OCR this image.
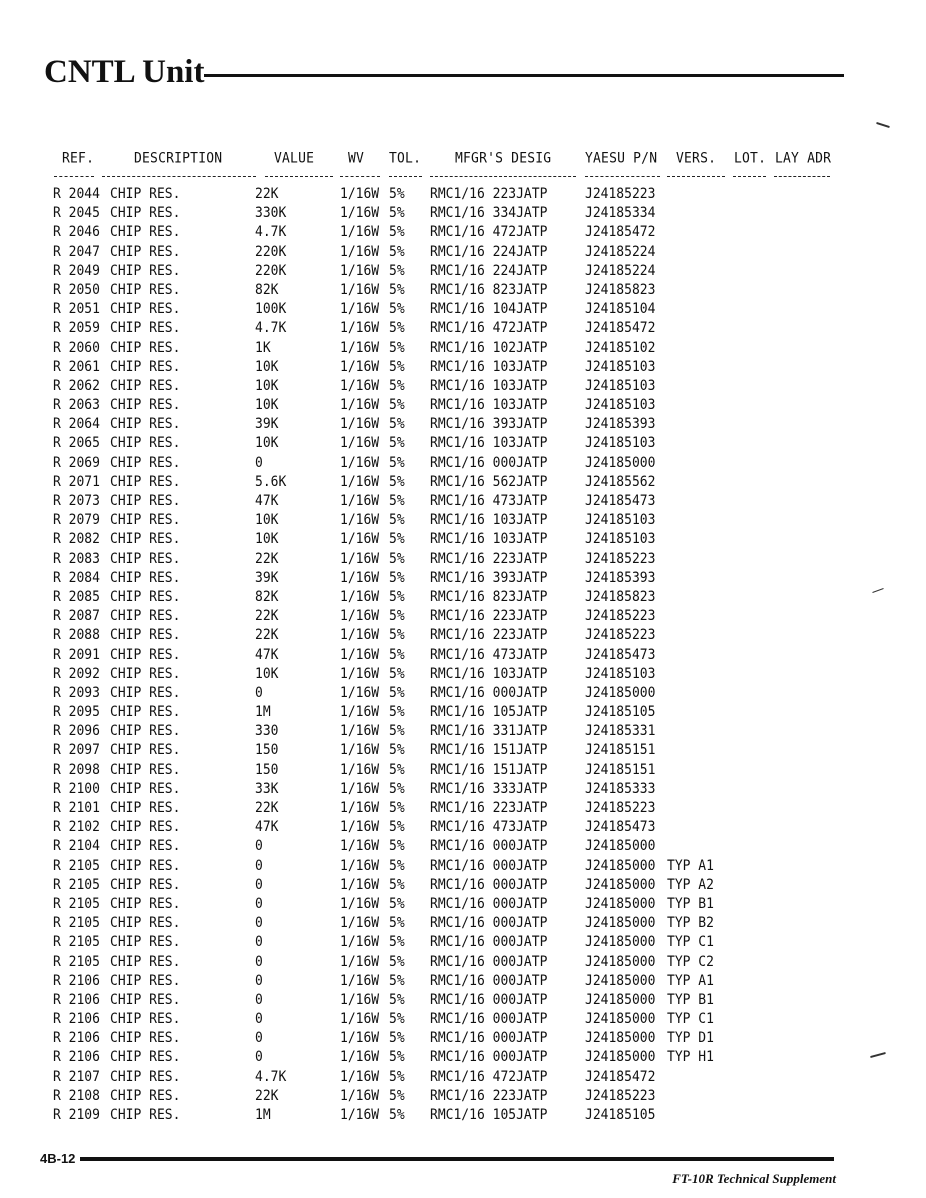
CNTL Unit
REF.	DESCRIPTION	VALUE	WV TOL.	MFGR'S DESIG	YAESU P/N VERS. LOT. LAY ADR
R 2044 CHIP RES.	22K	1/16W 5% RMC1/16 223JATP	J24185223
R 2045 CHIP RES.	330K	1/16W 5% RMC1/16 334JATP	J24185334
R 2046 CHIP RES.	4.7K	1/16W 5% RMC1/16 472JATP	J24185472
R 2047 CHIP RES.	220K	1/16W 5% RMC1/16 224JATP	J24185224
R 2049 CHIP RES.	220K	1/16W 5% RMC1/16 224JATP	J24185224
R 2050 CHIP RES.	82K	1/16W 5% RMC1/16 823JATP	J24185823
R 2051 CHIP RES.	100K	1/16W 5% RMC1/16 104JATP	J24185104
R 2059 CHIP RES.	4.7K	1/16W 5% RMC1/16 472JATP	J24185472
R 2060 CHIP RES.	1K	1/16W 5% RMC1/16 102JATP	J24185102
R 2061 CHIP RES.	10K	1/16W 5% RMC1/16 103JATP	J24185103
R 2062 CHIP RES.	10K	1/16W 5% RMC1/16 103JATP	J24185103
R 2063 CHIP RES.	10K	1/16W 5% RMC1/16 103JATP	J24185103
R 2064 CHIP RES.	39K	1/16W 5% RMC1/16 393JATP	J24185393
R 2065 CHIP RES.	10K	1/16W 5% RMC1/16 103JATP	J24185103
R 2069 CHIP RES.	0	1/16W 5% RMC1/16 000JATP	J24185000
R 2071 CHIP RES.	5.6K	1/16W 5% RMC1/16 562JATP	J24185562
R 2073 CHIP RES.	47K	1/16W 5% RMC1/16 473JATP	J24185473
R 2079 CHIP RES.	10K	1/16W 5% RMC1/16 103JATP	J24185103
R 2082 CHIP RES.	10K	1/16W 5% RMC1/16 103JATP	J24185103
R 2083 CHIP RES.	22K	1/16W 5% RMC1/16 223JATP	J24185223
R 2084 CHIP RES.	39K	1/16W 5% RMC1/16 393JATP	J24185393
R 2085 CHIP RES.	82K	1/16W 5% RMC1/16 823JATP	J24185823
R 2087 CHIP RES.	22K	1/16W 5% RMC1/16 223JATP	J24185223
R 2088 CHIP RES.	22K	1/16W 5% RMC1/16 223JATP	J24185223
R 2091 CHIP RES.	47K	1/16W 5% RMC1/16 473JATP	J24185473
R 2092 CHIP RES.	10K	1/16W 5% RMC1/16 103JATP	J24185103
R 2093 CHIP RES.	0	1/16W 5% RMC1/16 000JATP	J24185000
R 2095 CHIP RES.	1M	1/16W 5% RMC1/16 105JATP	J24185105
R 2096 CHIP RES.	330	1/16W 5% RMC1/16 331JATP	J24185331
R 2097 CHIP RES.	150	1/16W 5% RMC1/16 151JATP	J24185151
R 2098 CHIP RES.	150	1/16W 5% RMC1/16 151JATP	J24185151
R 2100 CHIP RES.	33K	1/16W 5% RMC1/16 333JATP	J24185333
R 2101 CHIP RES.	22K	1/16W 5% RMC1/16 223JATP	J24185223
R 2102 CHIP RES.	47K	1/16W 5% RMC1/16 473JATP	J24185473
R 2104 CHIP RES.	0	1/16W 5% RMC1/16 000JATP	J24185000
R 2105 CHIP RES.	0	1/16W 5% RMC1/16 000JATP	J24185000 TYP A1
R 2105 CHIP RES.	0	1/16W 5% RMC1/16 000JATP	J24185000 TYP A2
R 2105 CHIP RES.	0	1/16W 5% RMC1/16 000JATP	J24185000 TYP B1
R 2105 CHIP RES.	0	1/16W 5% RMC1/16 000JATP	J24185000 TYP B2
R 2105 CHIP RES.	0	1/16W 5% RMC1/16 000JATP	J24185000 TYP C1
R 2105 CHIP RES.	0	1/16W 5% RMC1/16 000JATP	J24185000 TYP C2
R 2106 CHIP RES.	0	1/16W 5% RMC1/16 000JATP	J24185000 TYP A1
R 2106 CHIP RES.	0	1/16W 5% RMC1/16 000JATP	J24185000 TYP B1
R 2106 CHIP RES.	0	1/16W 5% RMC1/16 000JATP	J24185000 TYP C1
R 2106 CHIP RES.	0	1/16W 5% RMC1/16 000JATP	J24185000 TYP D1
R 2106 CHIP RES.	0	1/16W 5% RMC1/16 000JATP	J24185000 TYP H1
R 2107 CHIP RES.	4.7K	1/16W 5% RMC1/16 472JATP	J24185472
R 2108 CHIP RES.	22K	1/16W 5% RMC1/16 223JATP	J24185223
R 2109 CHIP RES.	1M	1/16W 5% RMC1/16 105JATP	J24185105
4B-12
FT-10R Technical Supplement
